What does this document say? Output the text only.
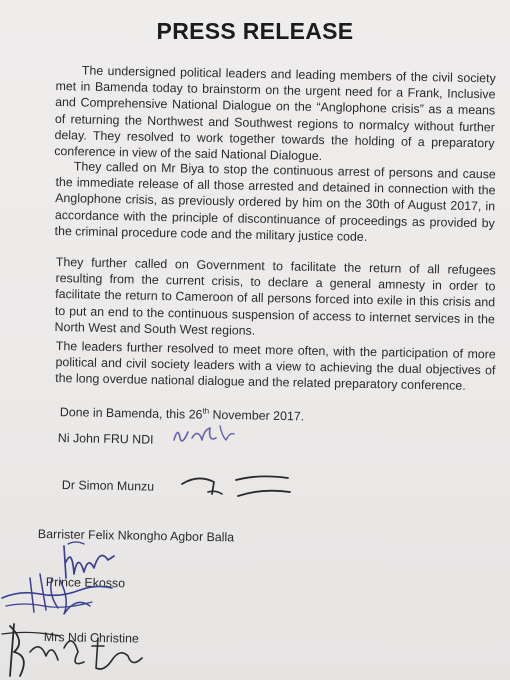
PRESS RELEASE

The undersigned political leaders and leading members of the civil society met in Bamenda today to brainstorm on the urgent need for a Frank, Inclusive and Comprehensive National Dialogue on the “Anglophone crisis” as a means of returning the Northwest and Southwest regions to normalcy without further delay. They resolved to work together towards the holding of a preparatory conference in view of the said National Dialogue.

They called on Mr Biya to stop the continuous arrest of persons and cause the immediate release of all those arrested and detained in connection with the Anglophone crisis, as previously ordered by him on the 30th of August 2017, in accordance with the principle of discontinuance of proceedings as provided by the criminal procedure code and the military justice code.

They further called on Government to facilitate the return of all refugees resulting from the current crisis, to declare a general amnesty in order to facilitate the return to Cameroon of all persons forced into exile in this crisis and to put an end to the continuous suspension of access to internet services in the North West and South West regions.

The leaders further resolved to meet more often, with the participation of more political and civil society leaders with a view to achieving the dual objectives of the long overdue national dialogue and the related preparatory conference.

Done in Bamenda, this 26th November 2017.
Ni John FRU NDI
Dr Simon Munzu
Barrister Felix Nkongho Agbor Balla
Prince Ekosso
Mrs Ndi Christine
